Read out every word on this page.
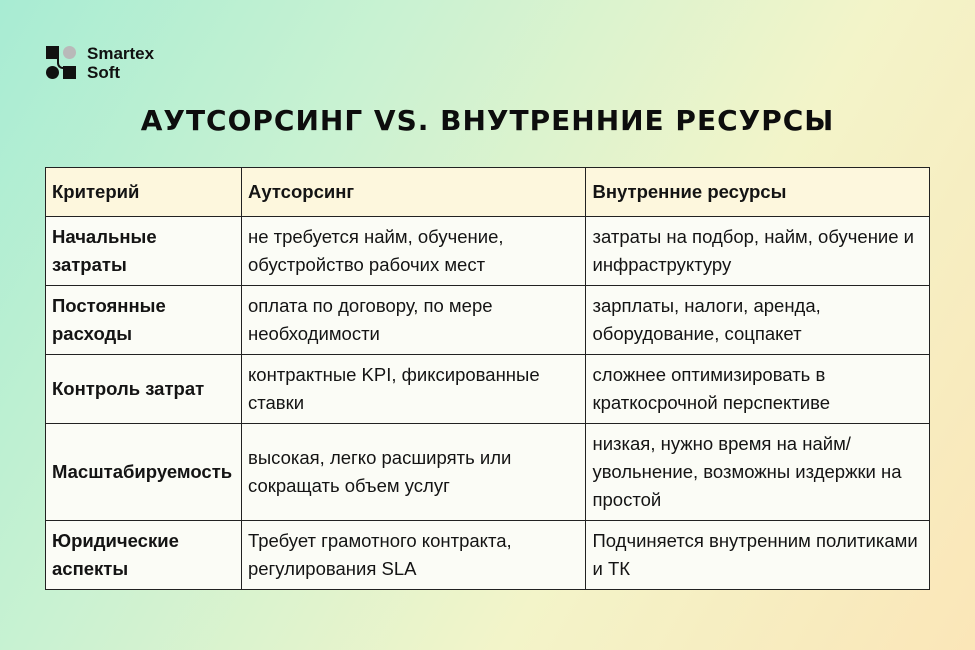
Smartex
Soft
АУТСОРСИНГ VS. ВНУТРЕННИЕ РЕСУРСЫ
Критерий	Аутсорсинг	Внутренние ресурсы
Начальные затраты	не требуется найм, обучение, обустройство рабочих мест	затраты на подбор, найм, обучение и инфраструктуру
Постоянные расходы	оплата по договору, по мере необходимости	зарплаты, налоги, аренда, оборудование, соцпакет
Контроль затрат	контрактные KPI, фиксированные ставки	сложнее оптимизировать в краткосрочной перспективе
Масштабируемость	высокая, легко расширять или сокращать объем услуг	низкая, нужно время на найм/ увольнение, возможны издержки на простой
Юридические аспекты	Требует грамотного контракта, регулирования SLA	Подчиняется внутренним политиками и ТК
